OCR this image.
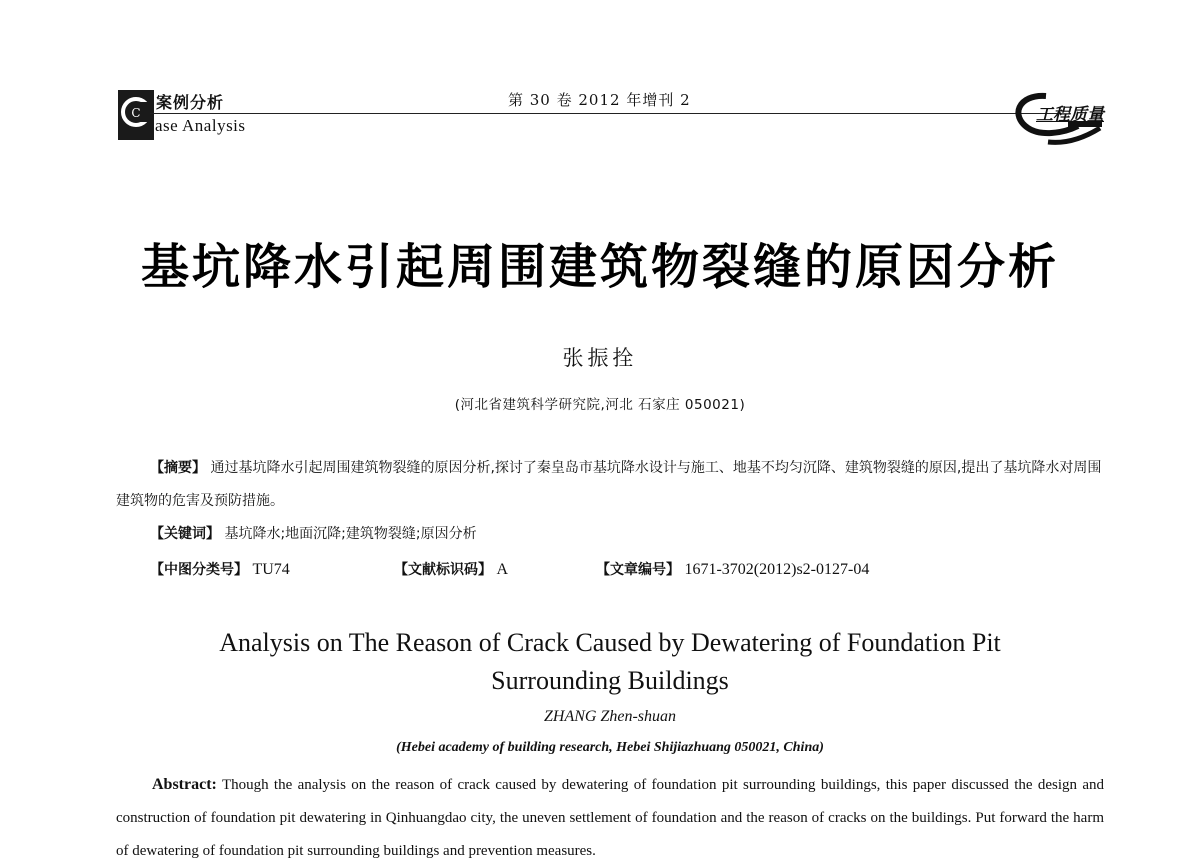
C
案例分析
ase Analysis
第 30 卷 2012 年增刊 2
工程质量
基坑降水引起周围建筑物裂缝的原因分析
张振拴
(河北省建筑科学研究院,河北 石家庄 050021)
【摘要】 通过基坑降水引起周围建筑物裂缝的原因分析,探讨了秦皇岛市基坑降水设计与施工、地基不均匀沉降、建筑物裂缝的原因,提出了基坑降水对周围建筑物的危害及预防措施。
【关键词】 基坑降水;地面沉降;建筑物裂缝;原因分析
【中图分类号】 TU74	【文献标识码】 A	【文章编号】 1671-3702(2012)s2-0127-04
Analysis on The Reason of Crack Caused by Dewatering of Foundation Pit
Surrounding Buildings
ZHANG Zhen-shuan
(Hebei academy of building research, Hebei Shijiazhuang 050021, China)
Abstract: Though the analysis on the reason of crack caused by dewatering of foundation pit surrounding buildings, this paper discussed the design and construction of foundation pit dewatering in Qinhuangdao city, the uneven settlement of foundation and the reason of cracks on the buildings. Put forward the harm of dewatering of foundation pit surrounding buildings and prevention measures.
